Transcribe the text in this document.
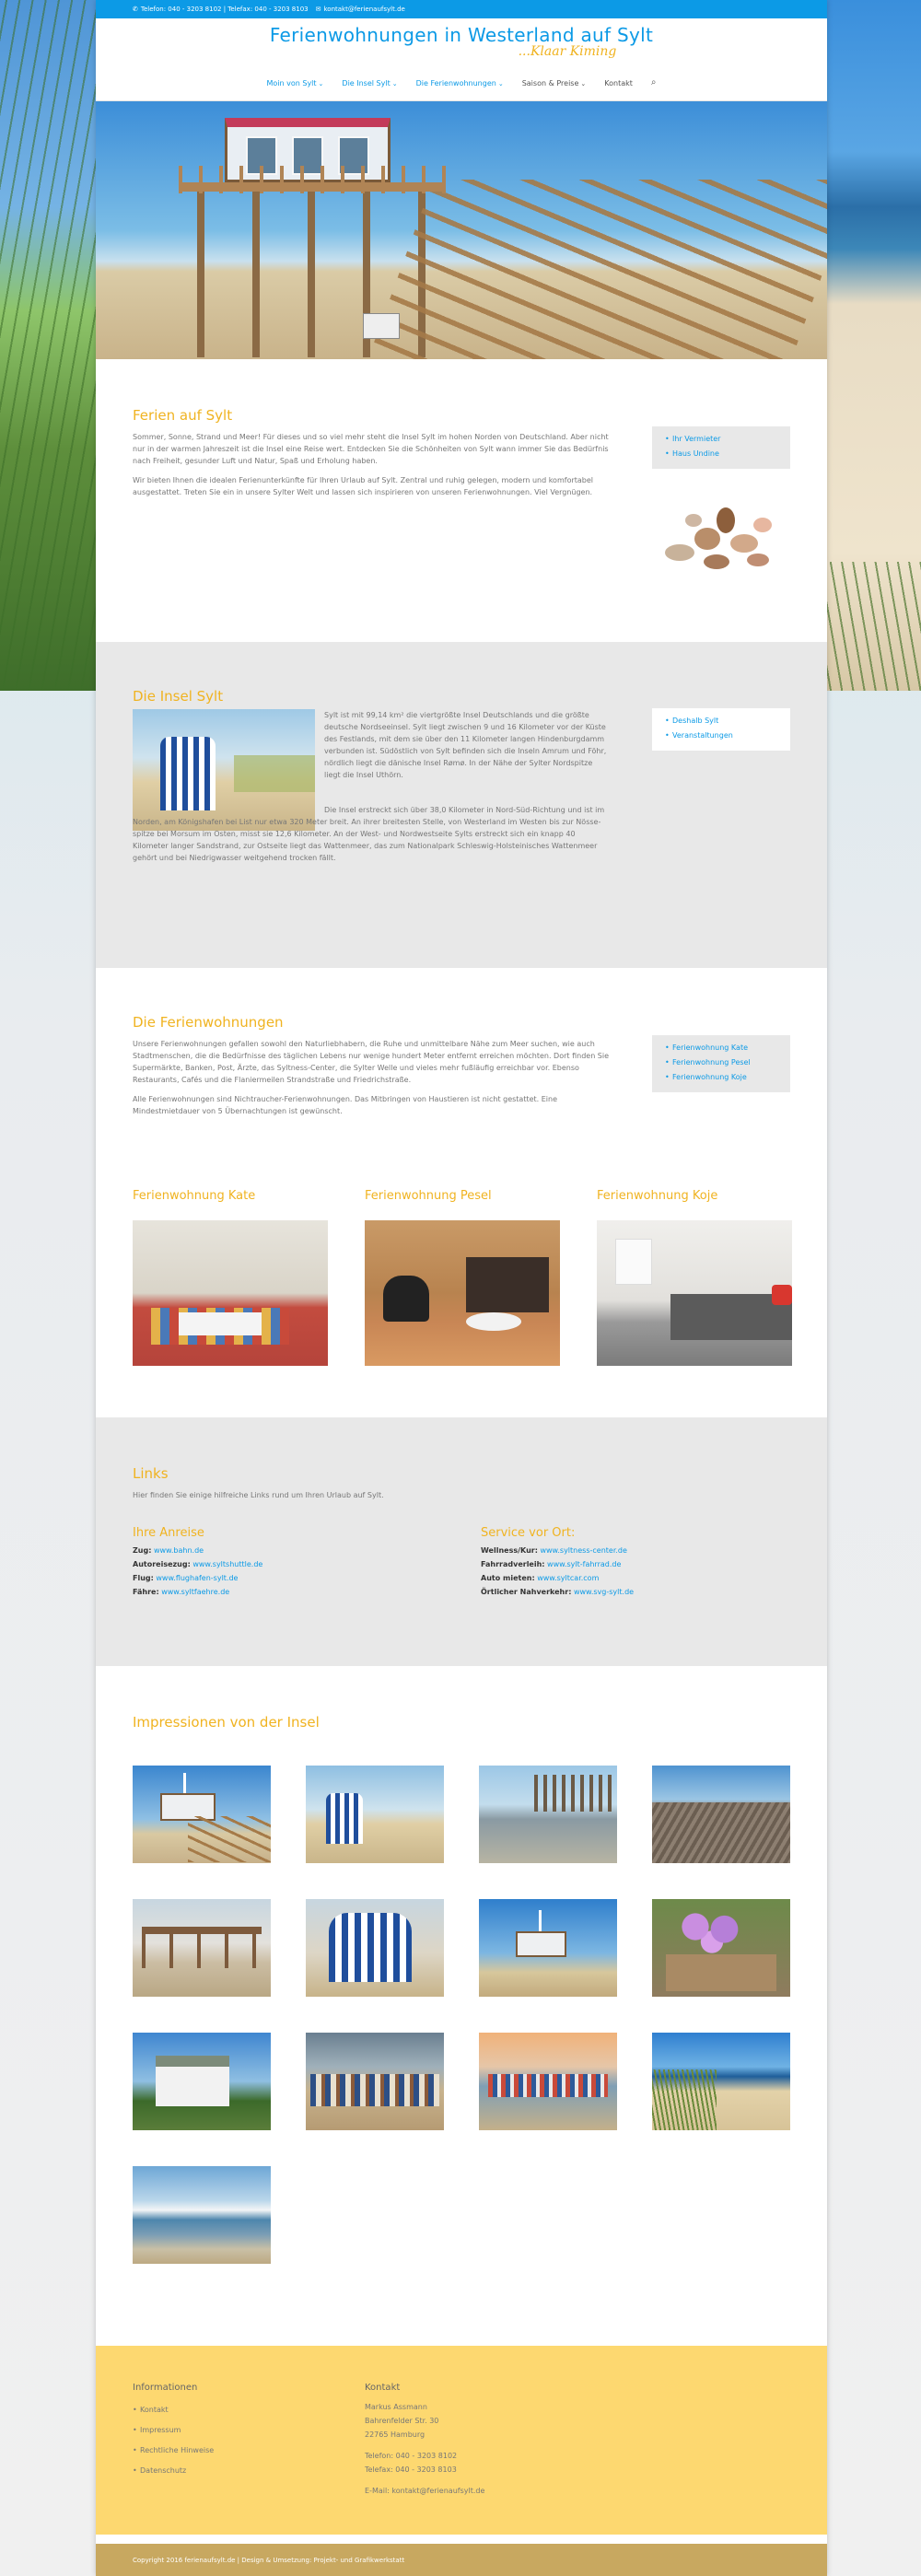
✆ Telefon: 040 - 3203 8102 | Telefax: 040 - 3203 8103 ✉ kontakt@ferienaufsylt.de
Ferienwohnungen in Westerland auf Sylt
...Klaar Kiming
Moin von Sylt ⌄	Die Insel Sylt ⌄	Die Ferienwohnungen ⌄	Saison & Preise ⌄	Kontakt ⌕
Ferien auf Sylt

Sommer, Sonne, Strand und Meer! Für dieses und so viel mehr steht die Insel Sylt im hohen Norden von Deutschland. Aber nicht nur in der warmen Jahreszeit ist die Insel eine Reise wert. Entdecken Sie die Schönheiten von Sylt wann immer Sie das Bedürfnis nach Freiheit, gesunder Luft und Natur, Spaß und Erholung haben.

Wir bieten Ihnen die idealen Ferienunterkünfte für Ihren Urlaub auf Sylt. Zentral und ruhig gelegen, modern und komfortabel ausgestattet. Treten Sie ein in unsere Sylter Welt und lassen sich inspirieren von unseren Ferienwohnungen. Viel Vergnügen.

• Ihr Vermieter
• Haus Undine
Die Insel Sylt

Sylt ist mit 99,14 km² die viertgrößte Insel Deutschlands und die größte deutsche Nordseeinsel. Sylt liegt zwischen 9 und 16 Kilometer vor der Küste des Festlands, mit dem sie über den 11 Kilometer langen Hindenburgdamm verbunden ist. Südöstlich von Sylt befinden sich die Inseln Amrum und Föhr, nördlich liegt die dänische Insel Rømø. In der Nähe der Sylter Nordspitze liegt die Insel Uthörn.

Die Insel erstreckt sich über 38,0 Kilometer in Nord-Süd-Richtung und ist im Norden, am Königshafen bei List nur etwa 320 Meter breit. An ihrer breitesten Stelle, von Westerland im Westen bis zur Nössespitze bei Morsum im Osten, misst sie 12,6 Kilometer. An der West- und Nordwestseite Sylts erstreckt sich ein knapp 40 Kilometer langer Sandstrand, zur Ostseite liegt das Wattenmeer, das zum Nationalpark Schleswig-Holsteinisches Wattenmeer gehört und bei Niedrigwasser weitgehend trocken fällt.

• Deshalb Sylt
• Veranstaltungen
Die Ferienwohnungen

Unsere Ferienwohnungen gefallen sowohl den Naturliebhabern, die Ruhe und unmittelbare Nähe zum Meer suchen, wie auch Stadtmenschen, die die Bedürfnisse des täglichen Lebens nur wenige hundert Meter entfernt erreichen möchten. Dort finden Sie Supermärkte, Banken, Post, Ärzte, das Syltness-Center, die Sylter Welle und vieles mehr fußläufig erreichbar vor. Ebenso Restaurants, Cafés und die Flaniermeilen Strandstraße und Friedrichstraße.

Alle Ferienwohnungen sind Nichtraucher-Ferienwohnungen. Das Mitbringen von Haustieren ist nicht gestattet. Eine Mindestmietdauer von 5 Übernachtungen ist gewünscht.

• Ferienwohnung Kate
• Ferienwohnung Pesel
• Ferienwohnung Koje
Ferienwohnung Kate	Ferienwohnung Pesel	Ferienwohnung Koje
Links

Hier finden Sie einige hilfreiche Links rund um Ihren Urlaub auf Sylt.

Ihre Anreise
Zug: www.bahn.de
Autoreisezug: www.syltshuttle.de
Flug: www.flughafen-sylt.de
Fähre: www.syltfaehre.de
Service vor Ort:
Wellness/Kur: www.syltness-center.de
Fahrradverleih: www.sylt-fahrrad.de
Auto mieten: www.syltcar.com
Örtlicher Nahverkehr: www.svg-sylt.de
Impressionen von der Insel
Informationen
• Kontakt
• Impressum
• Rechtliche Hinweise
• Datenschutz
Kontakt
Markus Assmann
Bahrenfelder Str. 30
22765 Hamburg
Telefon: 040 - 3203 8102
Telefax: 040 - 3203 8103
E-Mail: kontakt@ferienaufsylt.de
Copyright 2016 ferienaufsylt.de | Design & Umsetzung: Projekt- und Grafikwerkstatt
